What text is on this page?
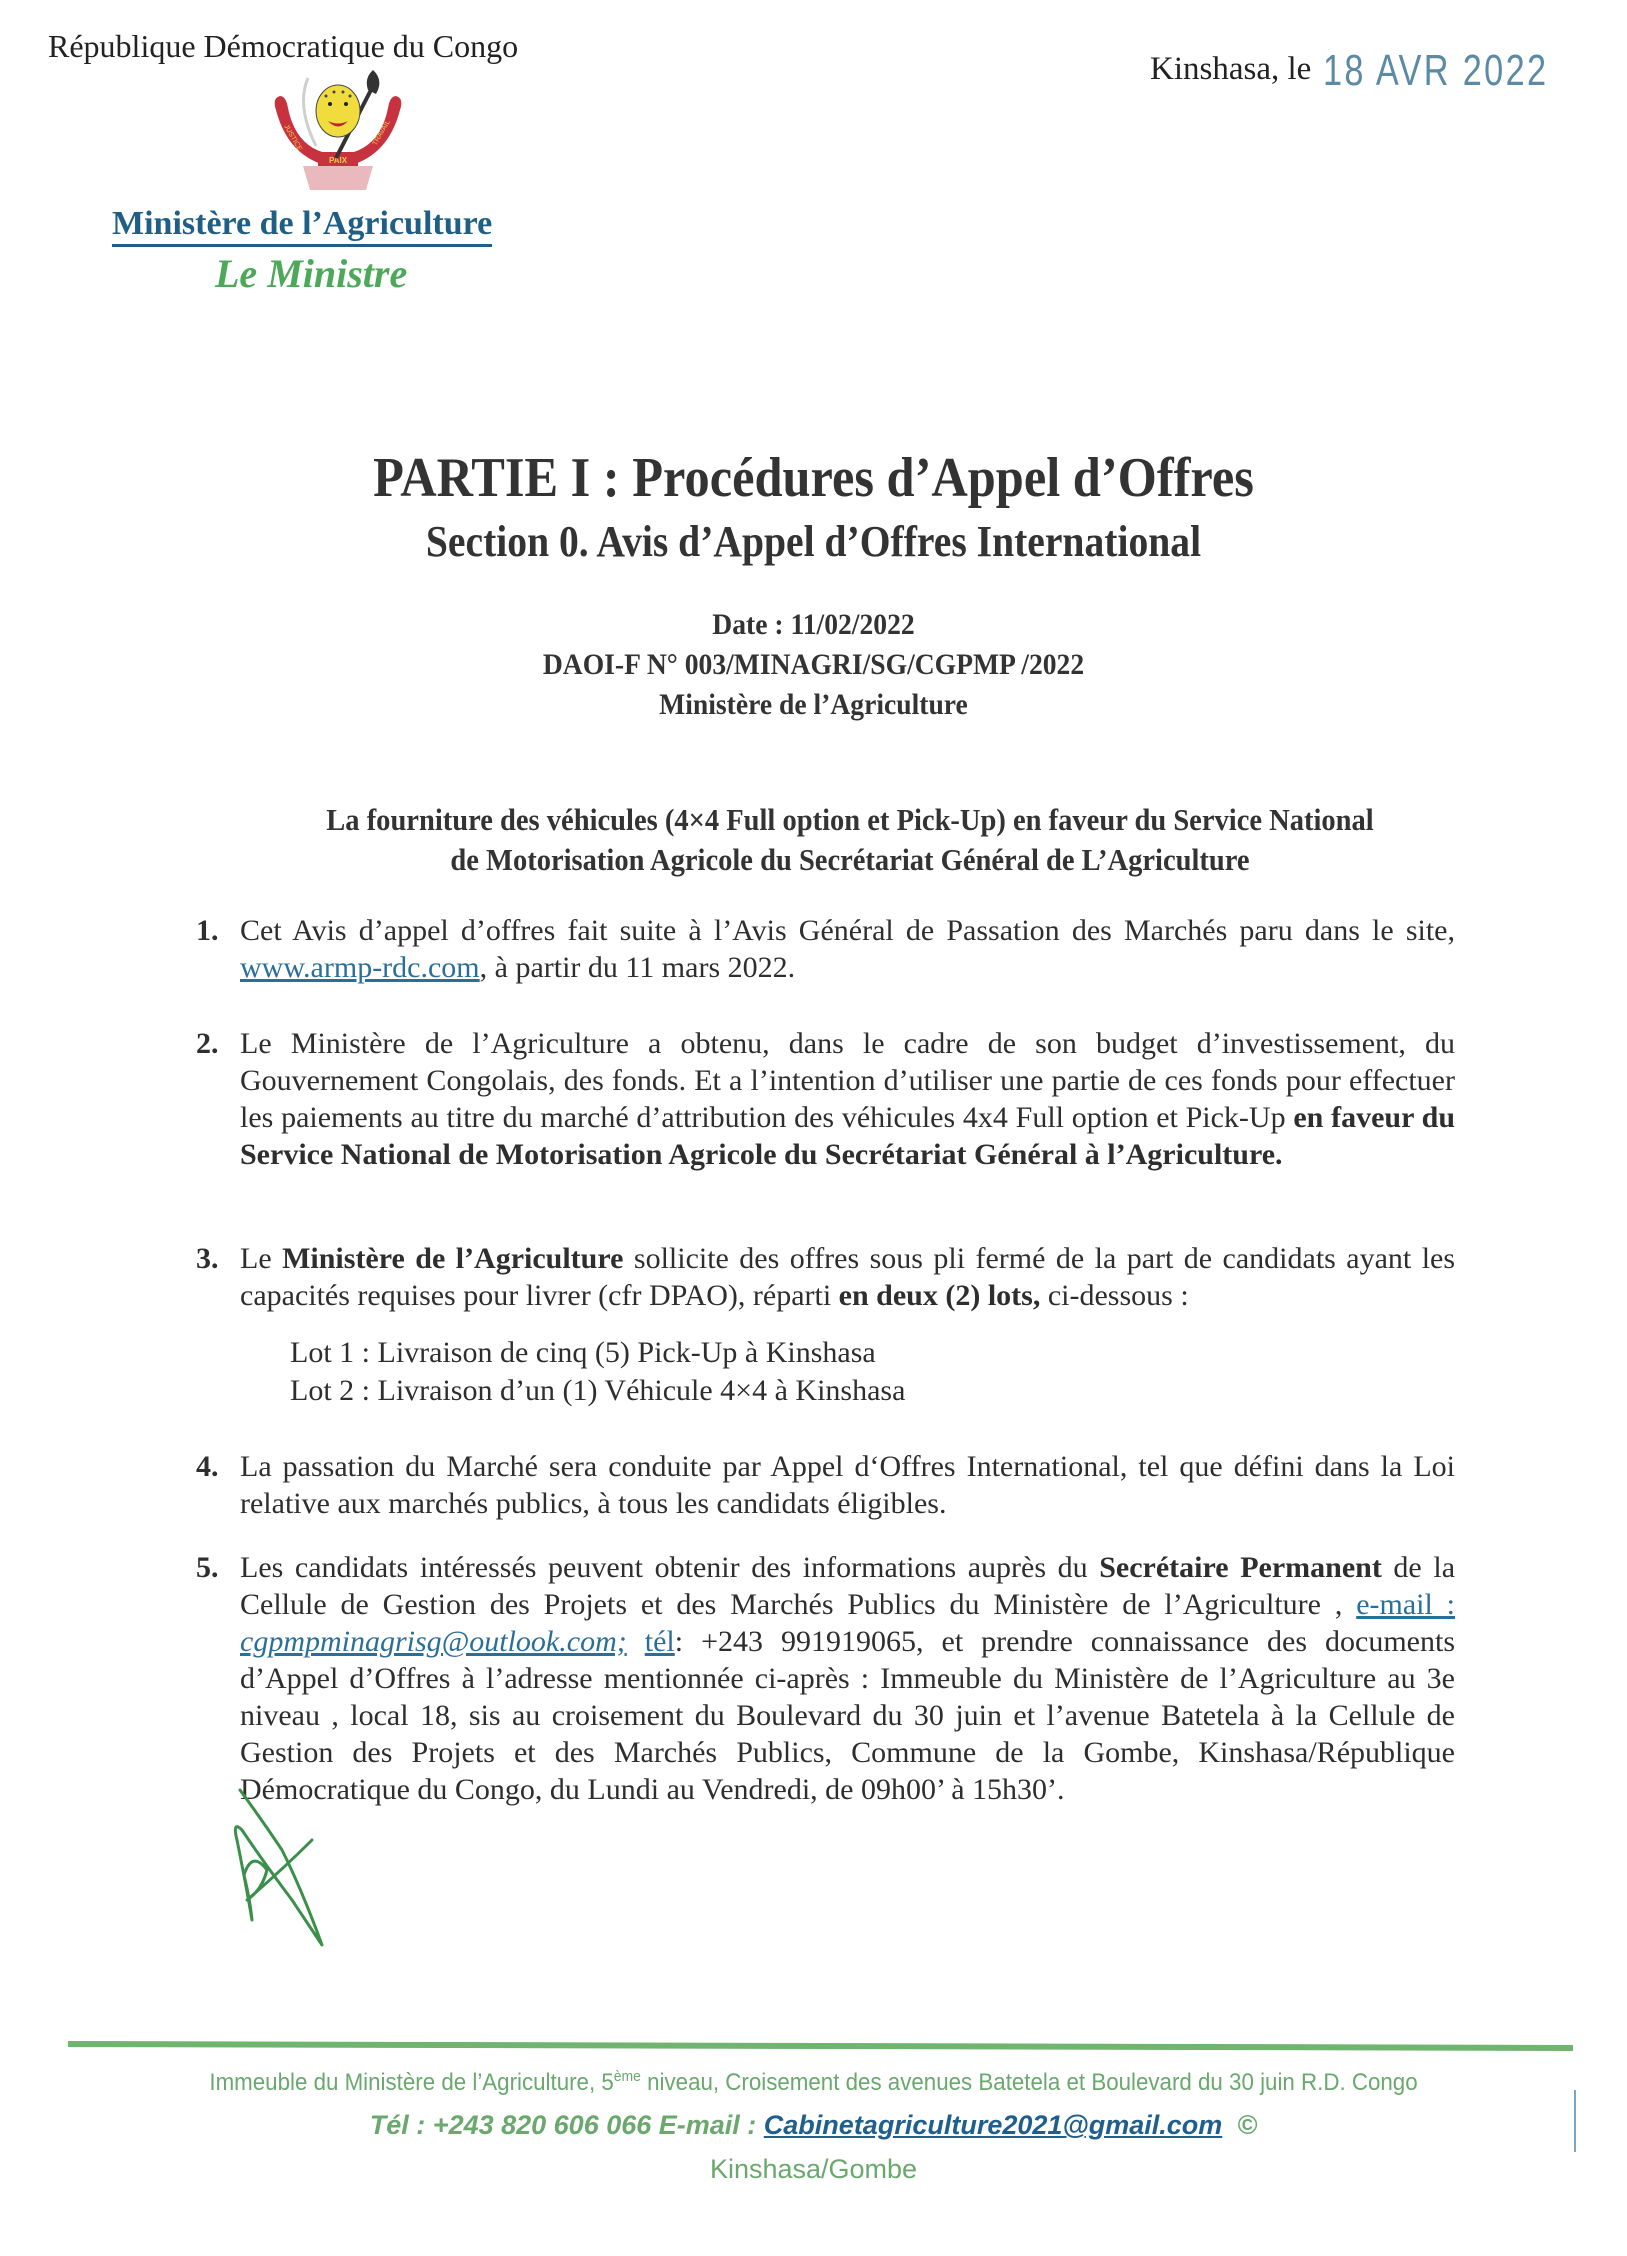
République Démocratique du Congo
Kinshasa, le 18 AVR 2022
PAIX
JUSTICE	TRAVAIL
Ministère de l’Agriculture
Le Ministre
PARTIE I : Procédures d’Appel d’Offres
Section 0. Avis d’Appel d’Offres International
Date : 11/02/2022
DAOI-F N° 003/MINAGRI/SG/CGPMP /2022
Ministère de l’Agriculture
La fourniture des véhicules (4×4 Full option et Pick-Up) en faveur du Service National
de Motorisation Agricole du Secrétariat Général de L’Agriculture
1. Cet Avis d’appel d’offres fait suite à l’Avis Général de Passation des Marchés paru dans le site, www.armp-rdc.com, à partir du 11 mars 2022.
2. Le Ministère de l’Agriculture a obtenu, dans le cadre de son budget d’investissement, du Gouvernement Congolais, des fonds. Et a l’intention d’utiliser une partie de ces fonds pour effectuer les paiements au titre du marché d’attribution des véhicules 4x4 Full option et Pick-Up en faveur du Service National de Motorisation Agricole du Secrétariat Général à l’Agriculture.
3. Le Ministère de l’Agriculture sollicite des offres sous pli fermé de la part de candidats ayant les capacités requises pour livrer (cfr DPAO), réparti en deux (2) lots, ci-dessous :
Lot 1 : Livraison de cinq (5) Pick-Up à Kinshasa
Lot 2 : Livraison d’un (1) Véhicule 4×4 à Kinshasa
4. La passation du Marché sera conduite par Appel d‘Offres International, tel que défini dans la Loi relative aux marchés publics, à tous les candidats éligibles.
5. Les candidats intéressés peuvent obtenir des informations auprès du Secrétaire Permanent de la Cellule de Gestion des Projets et des Marchés Publics du Ministère de l’Agriculture , e-mail : cgpmpminagrisg@outlook.com; tél: +243 991919065, et prendre connaissance des documents d’Appel d’Offres à l’adresse mentionnée ci-après : Immeuble du Ministère de l’Agriculture au 3e niveau , local 18, sis au croisement du Boulevard du 30 juin et l’avenue Batetela à la Cellule de Gestion des Projets et des Marchés Publics, Commune de la Gombe, Kinshasa/République Démocratique du Congo, du Lundi au Vendredi, de 09h00’ à 15h30’.
Immeuble du Ministère de l’Agriculture, 5ème niveau, Croisement des avenues Batetela et Boulevard du 30 juin R.D. Congo
Tél : +243 820 606 066 E-mail : Cabinetagriculture2021@gmail.com ©
Kinshasa/Gombe
